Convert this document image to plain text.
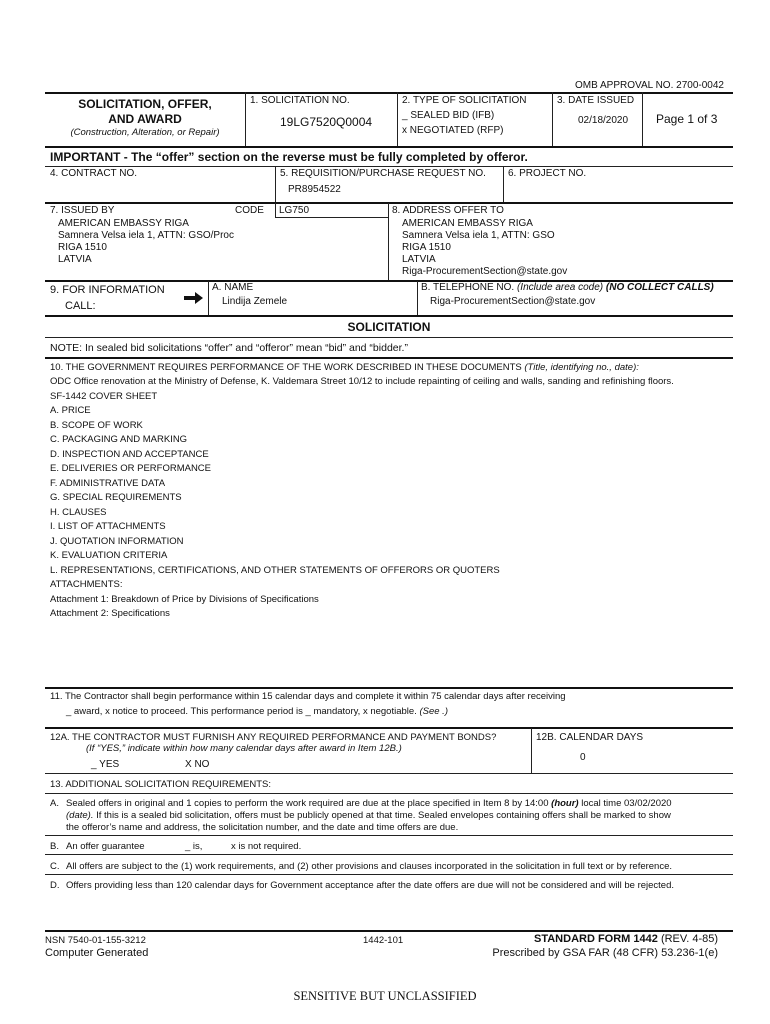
OMB APPROVAL NO. 2700-0042
SOLICITATION, OFFER,
AND AWARD
(Construction, Alteration, or Repair)
1. SOLICITATION NO.
19LG7520Q0004
2. TYPE OF SOLICITATION
_ SEALED BID (IFB)
x NEGOTIATED (RFP)
3. DATE ISSUED
02/18/2020 Page 1 of 3
IMPORTANT - The “offer” section on the reverse must be fully completed by offeror.
4. CONTRACT NO.	5. REQUISITION/PURCHASE REQUEST NO.
PR8954522
6. PROJECT NO.
7. ISSUED BY	CODE LG750
AMERICAN EMBASSY RIGA
Samnera Velsa iela 1, ATTN: GSO/Proc
RIGA 1510
LATVIA
8. ADDRESS OFFER TO
AMERICAN EMBASSY RIGA
Samnera Velsa iela 1, ATTN: GSO
RIGA 1510
LATVIA
Riga-ProcurementSection@state.gov
9. FOR INFORMATION
CALL:
A. NAME
Lindija Zemele
B. TELEPHONE NO. (Include area code) (NO COLLECT CALLS)
Riga-ProcurementSection@state.gov
SOLICITATION
NOTE: In sealed bid solicitations “offer” and “offeror” mean “bid” and “bidder.”
10. THE GOVERNMENT REQUIRES PERFORMANCE OF THE WORK DESCRIBED IN THESE DOCUMENTS (Title, identifying no., date):
ODC Office renovation at the Ministry of Defense, K. Valdemara Street 10/12 to include repainting of ceiling and walls, sanding and refinishing floors.
SF-1442 COVER SHEET
A. PRICE
B. SCOPE OF WORK
C. PACKAGING AND MARKING
D. INSPECTION AND ACCEPTANCE
E. DELIVERIES OR PERFORMANCE
F. ADMINISTRATIVE DATA
G. SPECIAL REQUIREMENTS
H. CLAUSES
I. LIST OF ATTACHMENTS
J. QUOTATION INFORMATION
K. EVALUATION CRITERIA
L. REPRESENTATIONS, CERTIFICATIONS, AND OTHER STATEMENTS OF OFFERORS OR QUOTERS
ATTACHMENTS:
Attachment 1: Breakdown of Price by Divisions of Specifications
Attachment 2: Specifications
11. The Contractor shall begin performance within 15 calendar days and complete it within 75 calendar days after receiving
_ award, x notice to proceed. This performance period is _ mandatory, x negotiable. (See .)
12A. THE CONTRACTOR MUST FURNISH ANY REQUIRED PERFORMANCE AND PAYMENT BONDS?
(If “YES,” indicate within how many calendar days after award in Item 12B.)
_ YES	X NO
12B. CALENDAR DAYS
0
13. ADDITIONAL SOLICITATION REQUIREMENTS:
A. Sealed offers in original and 1 copies to perform the work required are due at the place specified in Item 8 by 14:00 (hour) local time 03/02/2020
(date). If this is a sealed bid solicitation, offers must be publicly opened at that time. Sealed envelopes containing offers shall be marked to show
the offeror’s name and address, the solicitation number, and the date and time offers are due.
B. An offer guarantee	_ is,	x is not required.
C. All offers are subject to the (1) work requirements, and (2) other provisions and clauses incorporated in the solicitation in full text or by reference.
D. Offers providing less than 120 calendar days for Government acceptance after the date offers are due will not be considered and will be rejected.
NSN 7540-01-155-3212
Computer Generated
1442-101	STANDARD FORM 1442 (REV. 4-85)
Prescribed by GSA FAR (48 CFR) 53.236-1(e)
SENSITIVE BUT UNCLASSIFIED
